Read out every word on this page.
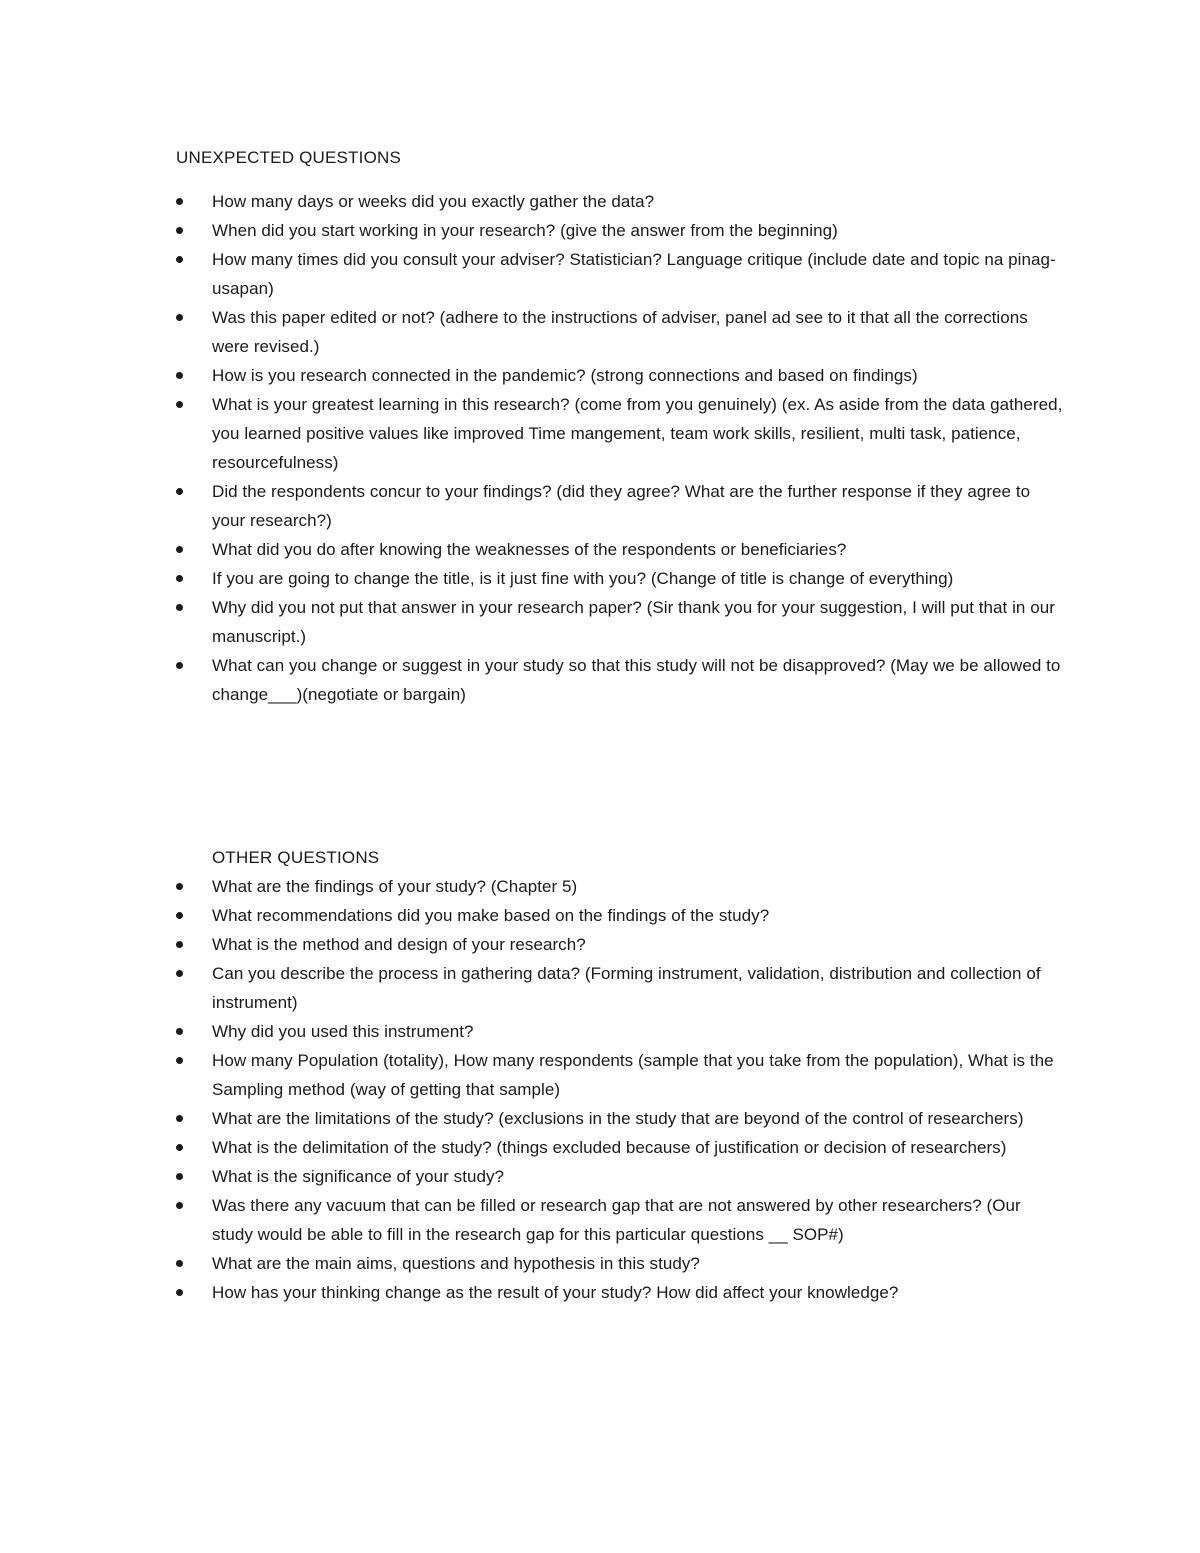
UNEXPECTED QUESTIONS
How many days or weeks did you exactly gather the data?
When did you start working in your research? (give the answer from the beginning)
How many times did you consult your adviser? Statistician? Language critique (include date and topic na pinag-usapan)
Was this paper edited or not? (adhere to the instructions of adviser, panel ad see to it that all the corrections were revised.)
How is you research connected in the pandemic? (strong connections and based on findings)
What is your greatest learning in this research? (come from you genuinely) (ex. As aside from the data gathered, you learned positive values like improved Time mangement, team work skills, resilient, multi task, patience, resourcefulness)
Did the respondents concur to your findings? (did they agree? What are the further response if they agree to your research?)
What did you do after knowing the weaknesses of the respondents or beneficiaries?
If you are going to change the title, is it just fine with you? (Change of title is change of everything)
Why did you not put that answer in your research paper? (Sir thank you for your suggestion, I will put that in our manuscript.)
What can you change or suggest in your study so that this study will not be disapproved? (May we be allowed to change___)(negotiate or bargain)
OTHER QUESTIONS
What are the findings of your study? (Chapter 5)
What recommendations did you make based on the findings of the study?
What is the method and design of your research?
Can you describe the process in gathering data? (Forming instrument, validation, distribution and collection of instrument)
Why did you used this instrument?
How many Population (totality), How many respondents (sample that you take from the population), What is the Sampling method (way of getting that sample)
What are the limitations of the study? (exclusions in the study that are beyond of the control of researchers)
What is the delimitation of the study? (things excluded because of justification or decision of researchers)
What is the significance of your study?
Was there any vacuum that can be filled or research gap that are not answered by other researchers? (Our study would be able to fill in the research gap for this particular questions __ SOP#)
What are the main aims, questions and hypothesis in this study?
How has your thinking change as the result of your study? How did affect your knowledge?
